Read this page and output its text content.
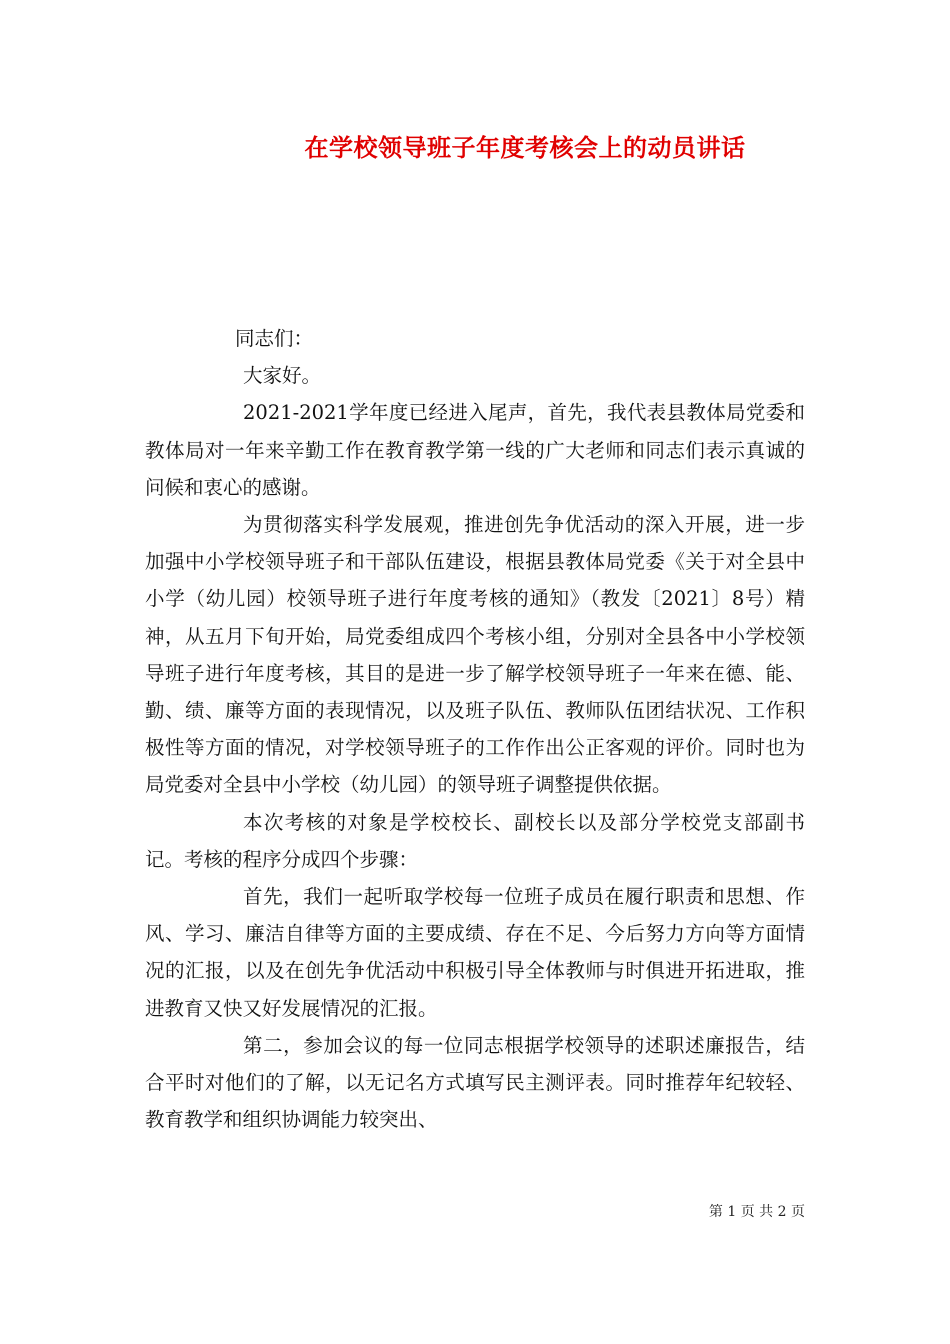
在学校领导班子年度考核会上的动员讲话

同志们：

大家好。

2021-2021学年度已经进入尾声，首先，我代表县教体局党委和教体局对一年来辛勤工作在教育教学第一线的广大老师和同志们表示真诚的问候和衷心的感谢。

为贯彻落实科学发展观，推进创先争优活动的深入开展，进一步加强中小学校领导班子和干部队伍建设，根据县教体局党委《关于对全县中小学（幼儿园）校领导班子进行年度考核的通知》（教发〔2021〕8号）精神，从五月下旬开始，局党委组成四个考核小组，分别对全县各中小学校领导班子进行年度考核，其目的是进一步了解学校领导班子一年来在德、能、勤、绩、廉等方面的表现情况，以及班子队伍、教师队伍团结状况、工作积极性等方面的情况，对学校领导班子的工作作出公正客观的评价。同时也为局党委对全县中小学校（幼儿园）的领导班子调整提供依据。

本次考核的对象是学校校长、副校长以及部分学校党支部副书记。考核的程序分成四个步骤：

首先，我们一起听取学校每一位班子成员在履行职责和思想、作风、学习、廉洁自律等方面的主要成绩、存在不足、今后努力方向等方面情况的汇报，以及在创先争优活动中积极引导全体教师与时俱进开拓进取，推进教育又快又好发展情况的汇报。

第二，参加会议的每一位同志根据学校领导的述职述廉报告，结合平时对他们的了解，以无记名方式填写民主测评表。同时推荐年纪较轻、教育教学和组织协调能力较突出、

第 1 页 共 2 页
